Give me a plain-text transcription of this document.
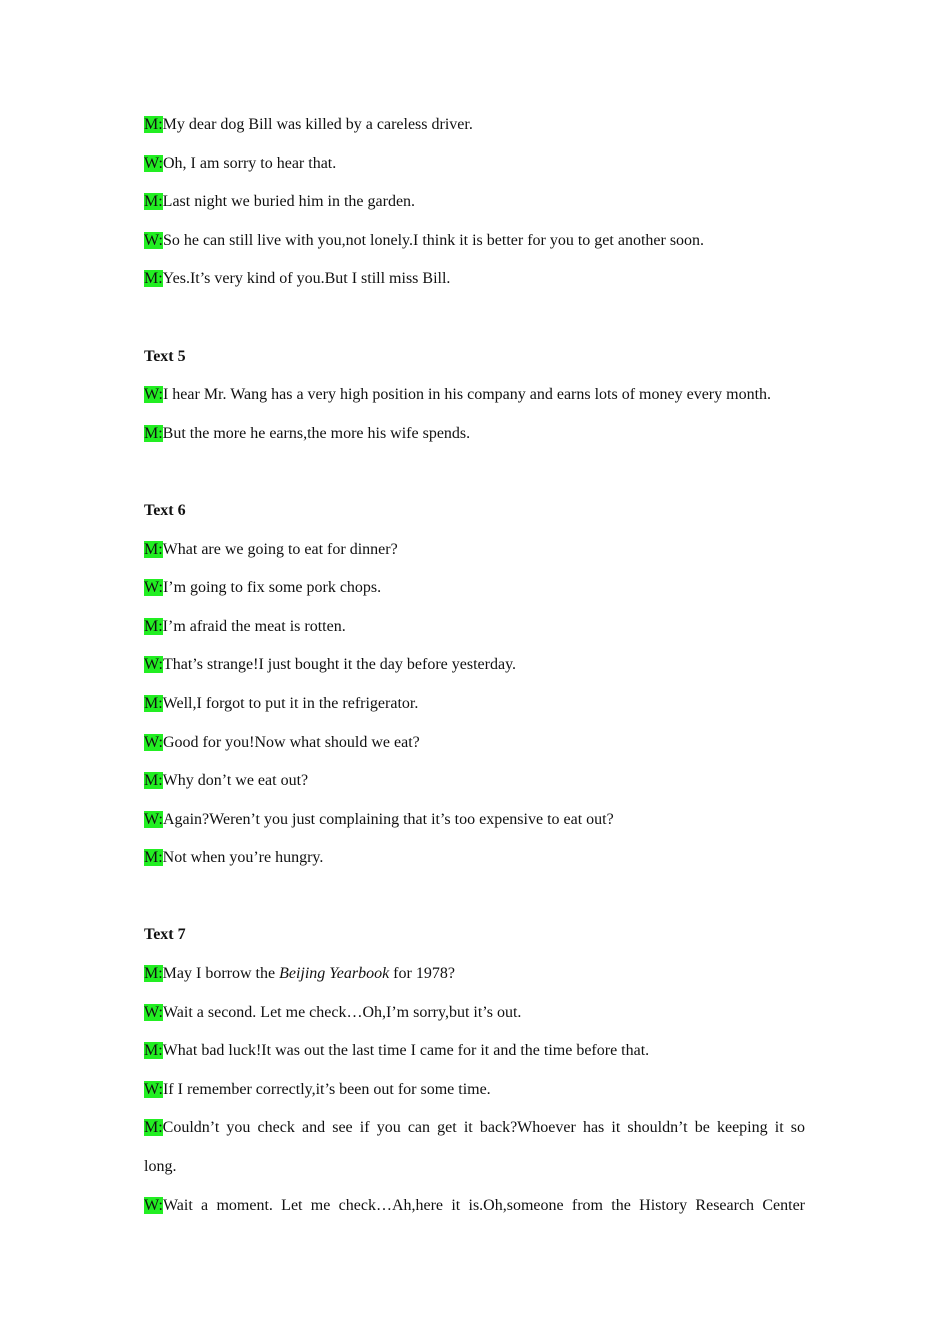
M:My dear dog Bill was killed by a careless driver.
W:Oh, I am sorry to hear that.
M:Last night we buried him in the garden.
W:So he can still live with you,not lonely.I think it is better for you to get another soon.
M:Yes.It’s very kind of you.But I still miss Bill.
Text 5
W:I hear Mr. Wang has a very high position in his company and earns lots of money every month.
M:But the more he earns,the more his wife spends.
Text 6
M:What are we going to eat for dinner?
W:I’m going to fix some pork chops.
M:I’m afraid the meat is rotten.
W:That’s strange!I just bought it the day before yesterday.
M:Well,I forgot to put it in the refrigerator.
W:Good for you!Now what should we eat?
M:Why don’t we eat out?
W:Again?Weren’t you just complaining that it’s too expensive to eat out?
M:Not when you’re hungry.
Text 7
M:May I borrow the Beijing Yearbook for 1978?
W:Wait a second. Let me check…Oh,I’m sorry,but it’s out.
M:What bad luck!It was out the last time I came for it and the time before that.
W:If I remember correctly,it’s been out for some time.
M:Couldn’t you check and see if you can get it back?Whoever has it shouldn’t be keeping it so
long.
W:Wait a moment. Let me check…Ah,here it is.Oh,someone from the History Research Center
